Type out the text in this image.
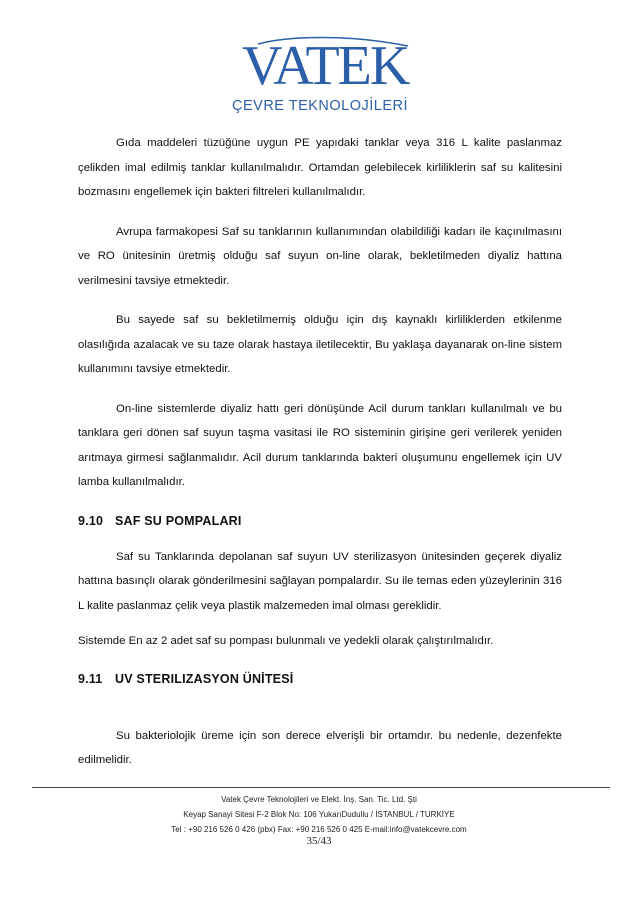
VATEK
ÇEVRE TEKNOLOJİLERİ

Gıda maddeleri tüzüğüne uygun PE yapıdaki tanklar veya 316 L kalite paslanmaz çelikden imal edilmiş tanklar kullanılmalıdır. Ortamdan gelebilecek kirliliklerin saf su kalitesini bozmasını engellemek için bakteri filtreleri kullanılmalıdır.

Avrupa farmakopesi Saf su tanklarının kullanımından olabildiliği kadarı ile kaçınılmasını ve RO ünitesinin üretmiş olduğu saf suyun on-line olarak, bekletilmeden diyaliz hattına verilmesini tavsiye etmektedir.

Bu sayede saf su bekletilmemiş olduğu için dış kaynaklı kirliliklerden etkilenme olasılığıda azalacak ve su taze olarak hastaya iletilecektir, Bu yaklaşa dayanarak on-line sistem kullanımını tavsiye etmektedir.

On-line sistemlerde diyaliz hattı geri dönüşünde Acil durum tankları kullanılmalı ve bu tanklara geri dönen saf suyun taşma vasitasi ile RO sisteminin girişine geri verilerek yeniden arıtmaya girmesi sağlanmalıdır. Acil durum tanklarında bakteri oluşumunu engellemek için UV lamba kullanılmalıdır.

9.10 SAF SU POMPALARI

Saf su Tanklarında depolanan saf suyun UV sterilizasyon ünitesinden geçerek diyaliz hattına basınçlı olarak gönderilmesini sağlayan pompalardır. Su ile temas eden yüzeylerinin 316 L kalite paslanmaz çelik veya plastik malzemeden imal olması gereklidir.

Sistemde En az 2 adet saf su pompası bulunmalı ve yedekli olarak çalıştırılmalıdır.

9.11 UV STERILIZASYON ÜNİTESİ

Su bakteriolojik üreme için son derece elverişli bir ortamdır. bu nedenle, dezenfekte edilmelidir.

Vatek Çevre Teknolojileri ve Elekt. İnş. San. Tic. Ltd. Şti
Keyap Sanayi Sitesi F-2 Blok No: 106 YukarıDudullu / İSTANBUL / TURKİYE
Tel : +90 216 526 0 426 (pbx) Fax: +90 216 526 0 425 E-mail:info@vatekcevre.com
35/43
